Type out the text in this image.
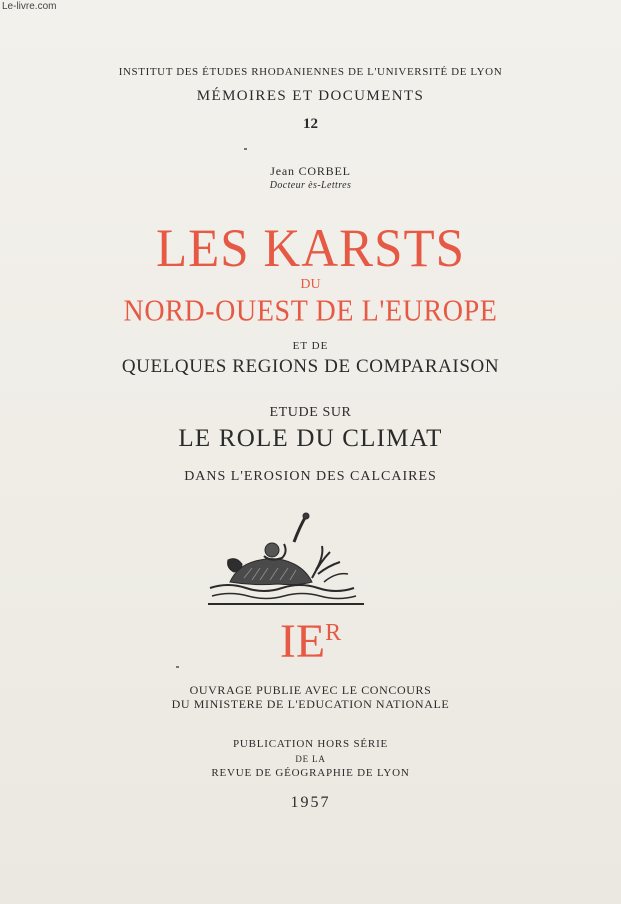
Le-livre.com
INSTITUT DES ÉTUDES RHODANIENNES DE L'UNIVERSITÉ DE LYON
MÉMOIRES ET DOCUMENTS
12
Jean CORBEL
Docteur ès-Lettres
LES KARSTS
DU
NORD-OUEST DE L'EUROPE
ET DE
QUELQUES REGIONS DE COMPARAISON
ETUDE SUR
LE ROLE DU CLIMAT
DANS L'EROSION DES CALCAIRES
IER
OUVRAGE PUBLIE AVEC LE CONCOURS
DU MINISTERE DE L'EDUCATION NATIONALE
PUBLICATION HORS SÉRIE
DE LA
REVUE DE GÉOGRAPHIE DE LYON
1957
